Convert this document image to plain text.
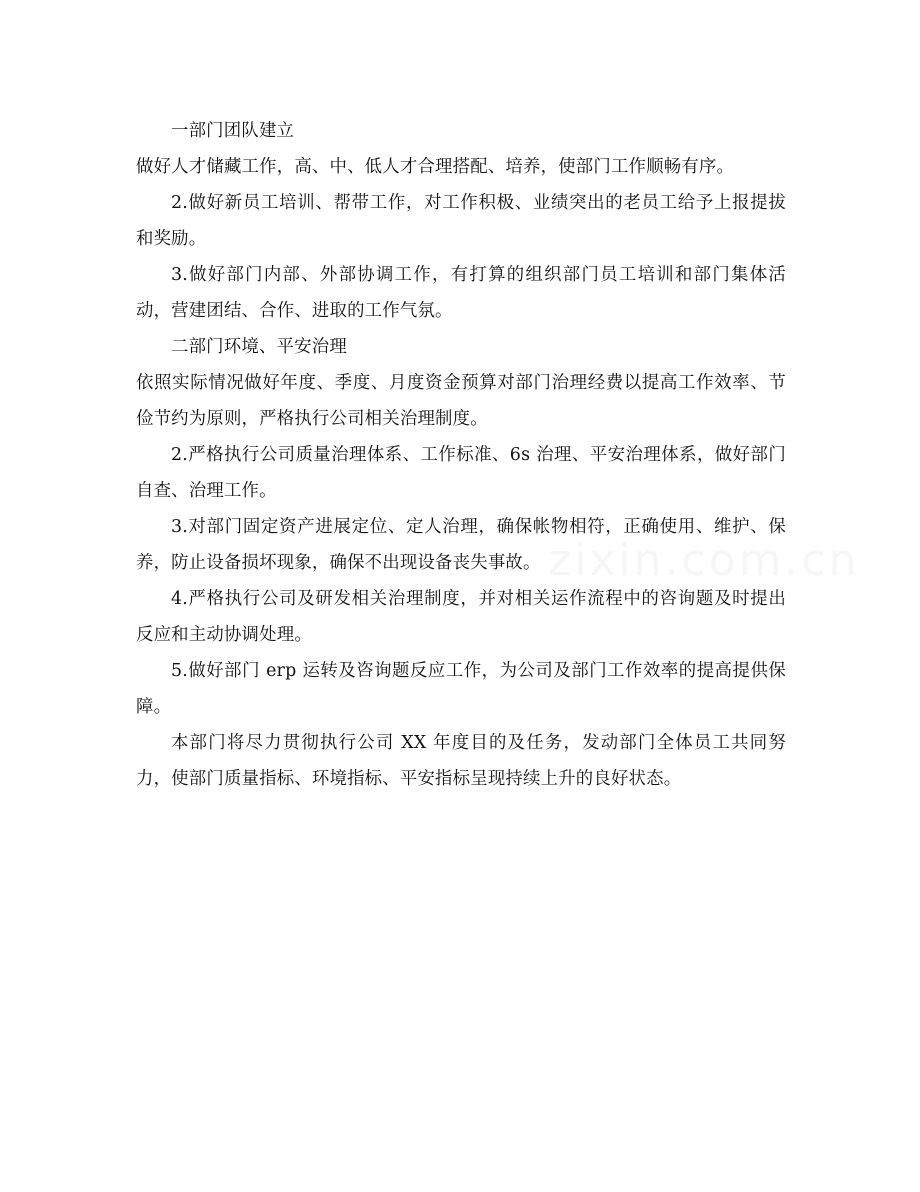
一部门团队建立

做好人才储藏工作，高、中、低人才合理搭配、培养，使部门工作顺畅有序。

2.做好新员工培训、帮带工作，对工作积极、业绩突出的老员工给予上报提拔和奖励。

3.做好部门内部、外部协调工作，有打算的组织部门员工培训和部门集体活动，营建团结、合作、进取的工作气氛。

二部门环境、平安治理

依照实际情况做好年度、季度、月度资金预算对部门治理经费以提高工作效率、节俭节约为原则，严格执行公司相关治理制度。

2.严格执行公司质量治理体系、工作标准、6s 治理、平安治理体系，做好部门自查、治理工作。

3.对部门固定资产进展定位、定人治理，确保帐物相符，正确使用、维护、保养，防止设备损坏现象，确保不出现设备丧失事故。

4.严格执行公司及研发相关治理制度，并对相关运作流程中的咨询题及时提出反应和主动协调处理。

5.做好部门 erp 运转及咨询题反应工作，为公司及部门工作效率的提高提供保障。

本部门将尽力贯彻执行公司 XX 年度目的及任务，发动部门全体员工共同努力，使部门质量指标、环境指标、平安指标呈现持续上升的良好状态。

zixin.com.cn
